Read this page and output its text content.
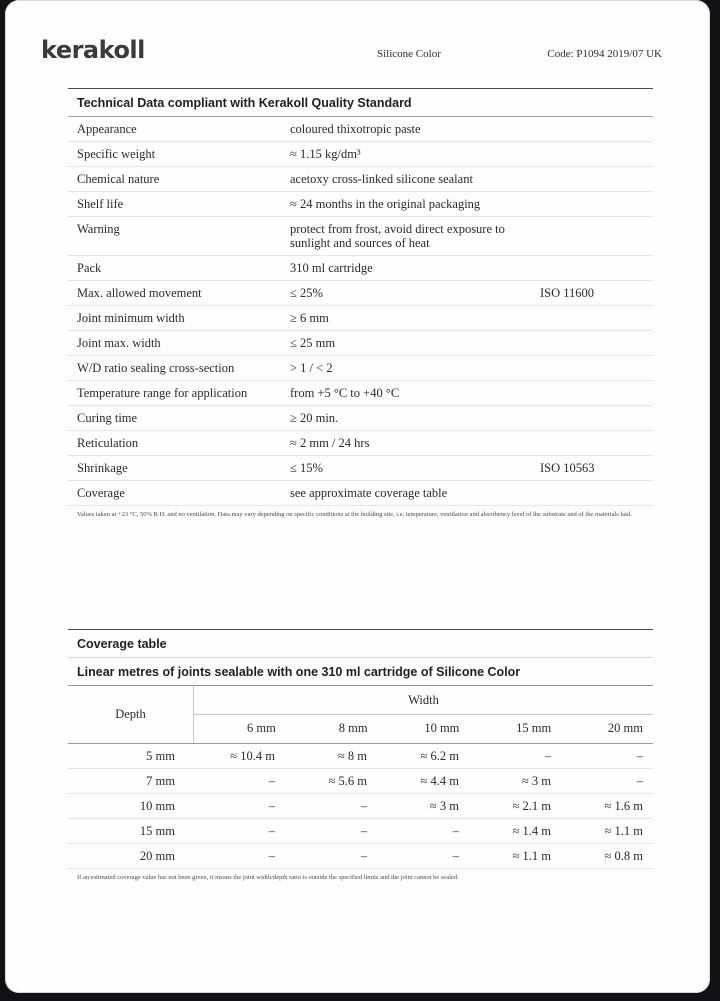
kerakoll	Silicone Color	Code: P1094 2019/07 UK
Technical Data compliant with Kerakoll Quality Standard
Appearance	coloured thixotropic paste
Specific weight	≈ 1.15 kg/dm³
Chemical nature	acetoxy cross-linked silicone sealant
Shelf life	≈ 24 months in the original packaging
Warning	protect from frost, avoid direct exposure to sunlight and sources of heat
Pack	310 ml cartridge
Max. allowed movement	≤ 25%	ISO 11600
Joint minimum width	≥ 6 mm
Joint max. width	≤ 25 mm
W/D ratio sealing cross-section	> 1 / < 2
Temperature range for application	from +5 °C to +40 °C
Curing time	≥ 20 min.
Reticulation	≈ 2 mm / 24 hrs
Shrinkage	≤ 15%	ISO 10563
Coverage	see approximate coverage table
Values taken at +23 °C, 50% R.H. and no ventilation. Data may vary depending on specific conditions at the building site, i.e. temperature, ventilation and absorbency level of the substrate and of the materials laid.
Coverage table
Linear metres of joints sealable with one 310 ml cartridge of Silicone Color
Depth
Width
6 mm	8 mm	10 mm	15 mm	20 mm
5 mm	≈ 10.4 m	≈ 8 m	≈ 6.2 m	–	–
7 mm	–	≈ 5.6 m	≈ 4.4 m	≈ 3 m	–
10 mm	–	–	≈ 3 m	≈ 2.1 m	≈ 1.6 m
15 mm	–	–	–	≈ 1.4 m	≈ 1.1 m
20 mm	–	–	–	≈ 1.1 m	≈ 0.8 m
If an estimated coverage value has not been given, it means the joint width/depth ratio is outside the specified limits and the joint cannot be sealed.
